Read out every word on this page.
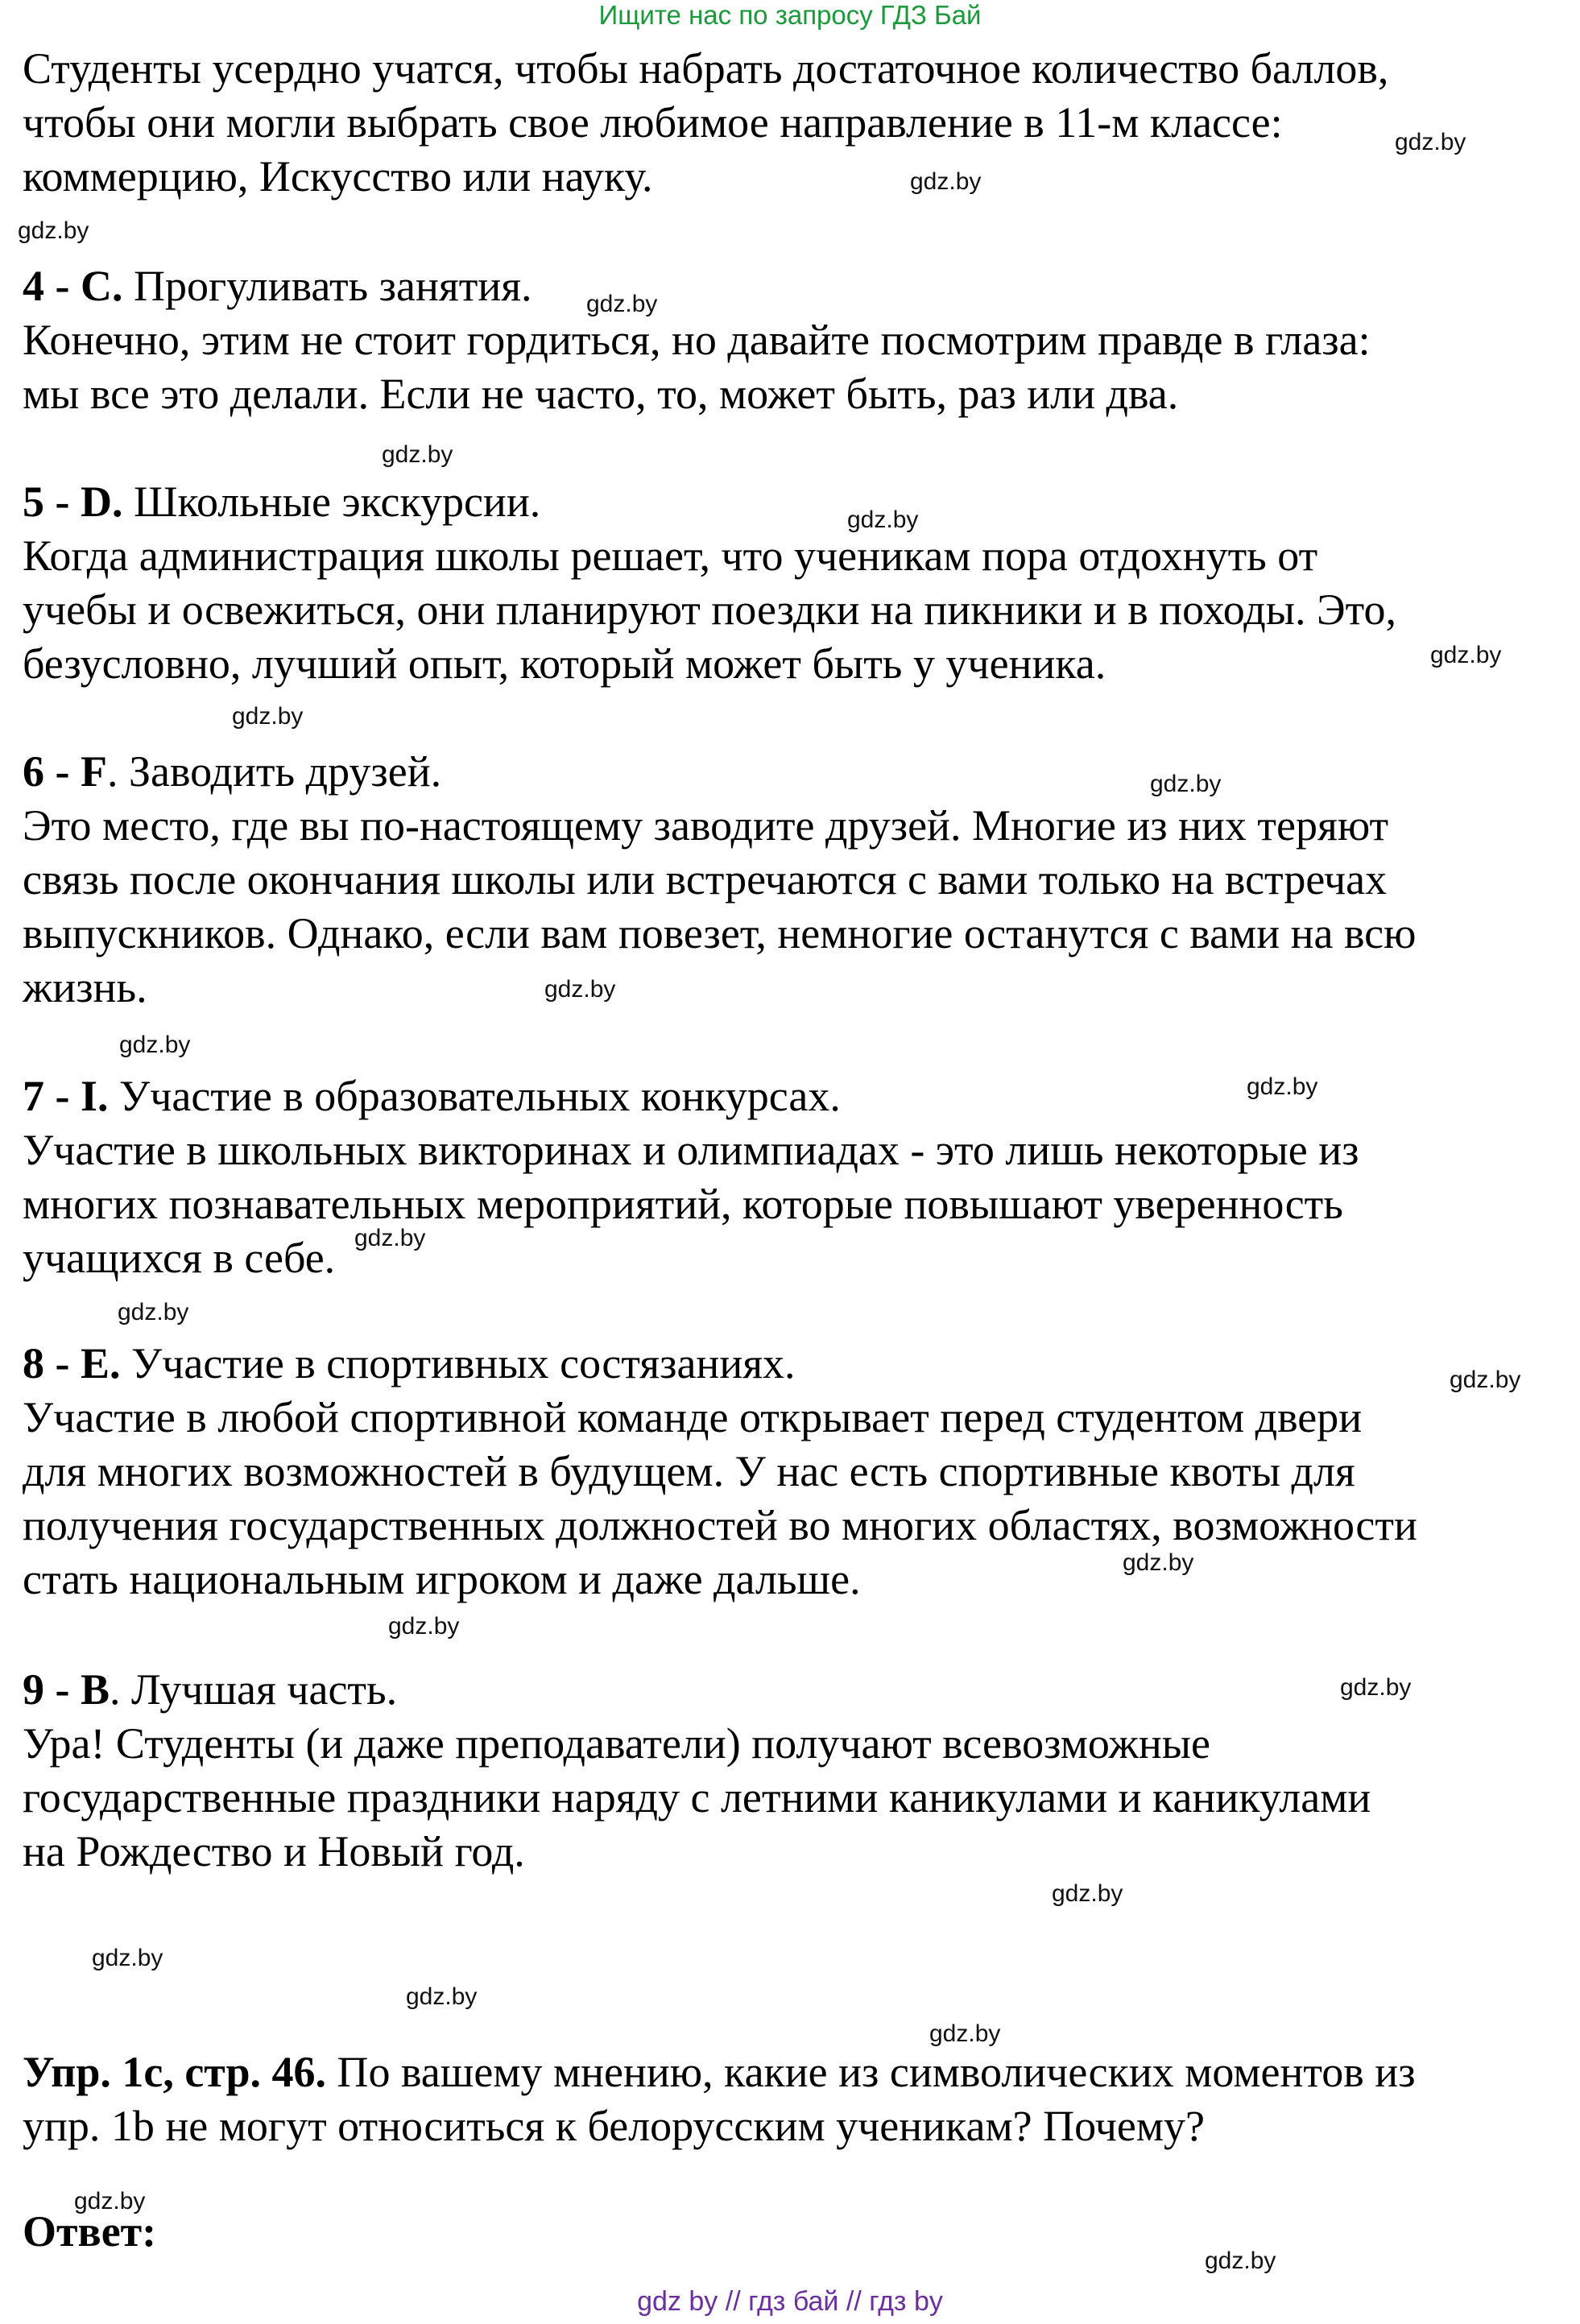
Ищите нас по запросу ГДЗ Бай
Студенты усердно учатся, чтобы набрать достаточное количество баллов,
чтобы они могли выбрать свое любимое направление в 11-м классе:
коммерцию, Искусство или науку.
4 - C. Прогуливать занятия.
Конечно, этим не стоит гордиться, но давайте посмотрим правде в глаза:
мы все это делали. Если не часто, то, может быть, раз или два.
5 - D. Школьные экскурсии.
Когда администрация школы решает, что ученикам пора отдохнуть от
учебы и освежиться, они планируют поездки на пикники и в походы. Это,
безусловно, лучший опыт, который может быть у ученика.
6 - F. Заводить друзей.
Это место, где вы по-настоящему заводите друзей. Многие из них теряют
связь после окончания школы или встречаются с вами только на встречах
выпускников. Однако, если вам повезет, немногие останутся с вами на всю
жизнь.
7 - I. Участие в образовательных конкурсах.
Участие в школьных викторинах и олимпиадах - это лишь некоторые из
многих познавательных мероприятий, которые повышают уверенность
учащихся в себе.
8 - E. Участие в спортивных состязаниях.
Участие в любой спортивной команде открывает перед студентом двери
для многих возможностей в будущем. У нас есть спортивные квоты для
получения государственных должностей во многих областях, возможности
стать национальным игроком и даже дальше.
9 - B. Лучшая часть.
Ура! Студенты (и даже преподаватели) получают всевозможные
государственные праздники наряду с летними каникулами и каникулами
на Рождество и Новый год.
Упр. 1c, стр. 46. По вашему мнению, какие из символических моментов из
упр. 1b не могут относиться к белорусским ученикам? Почему?
Ответ:
gdz.by
gdz.by
gdz.by
gdz.by
gdz.by
gdz.by
gdz.by
gdz.by
gdz.by
gdz.by
gdz.by
gdz.by
gdz.by
gdz.by
gdz.by
gdz.by
gdz.by
gdz.by
gdz.by
gdz.by
gdz.by
gdz.by
gdz.by
gdz.by
gdz by // гдз бай // гдз by
